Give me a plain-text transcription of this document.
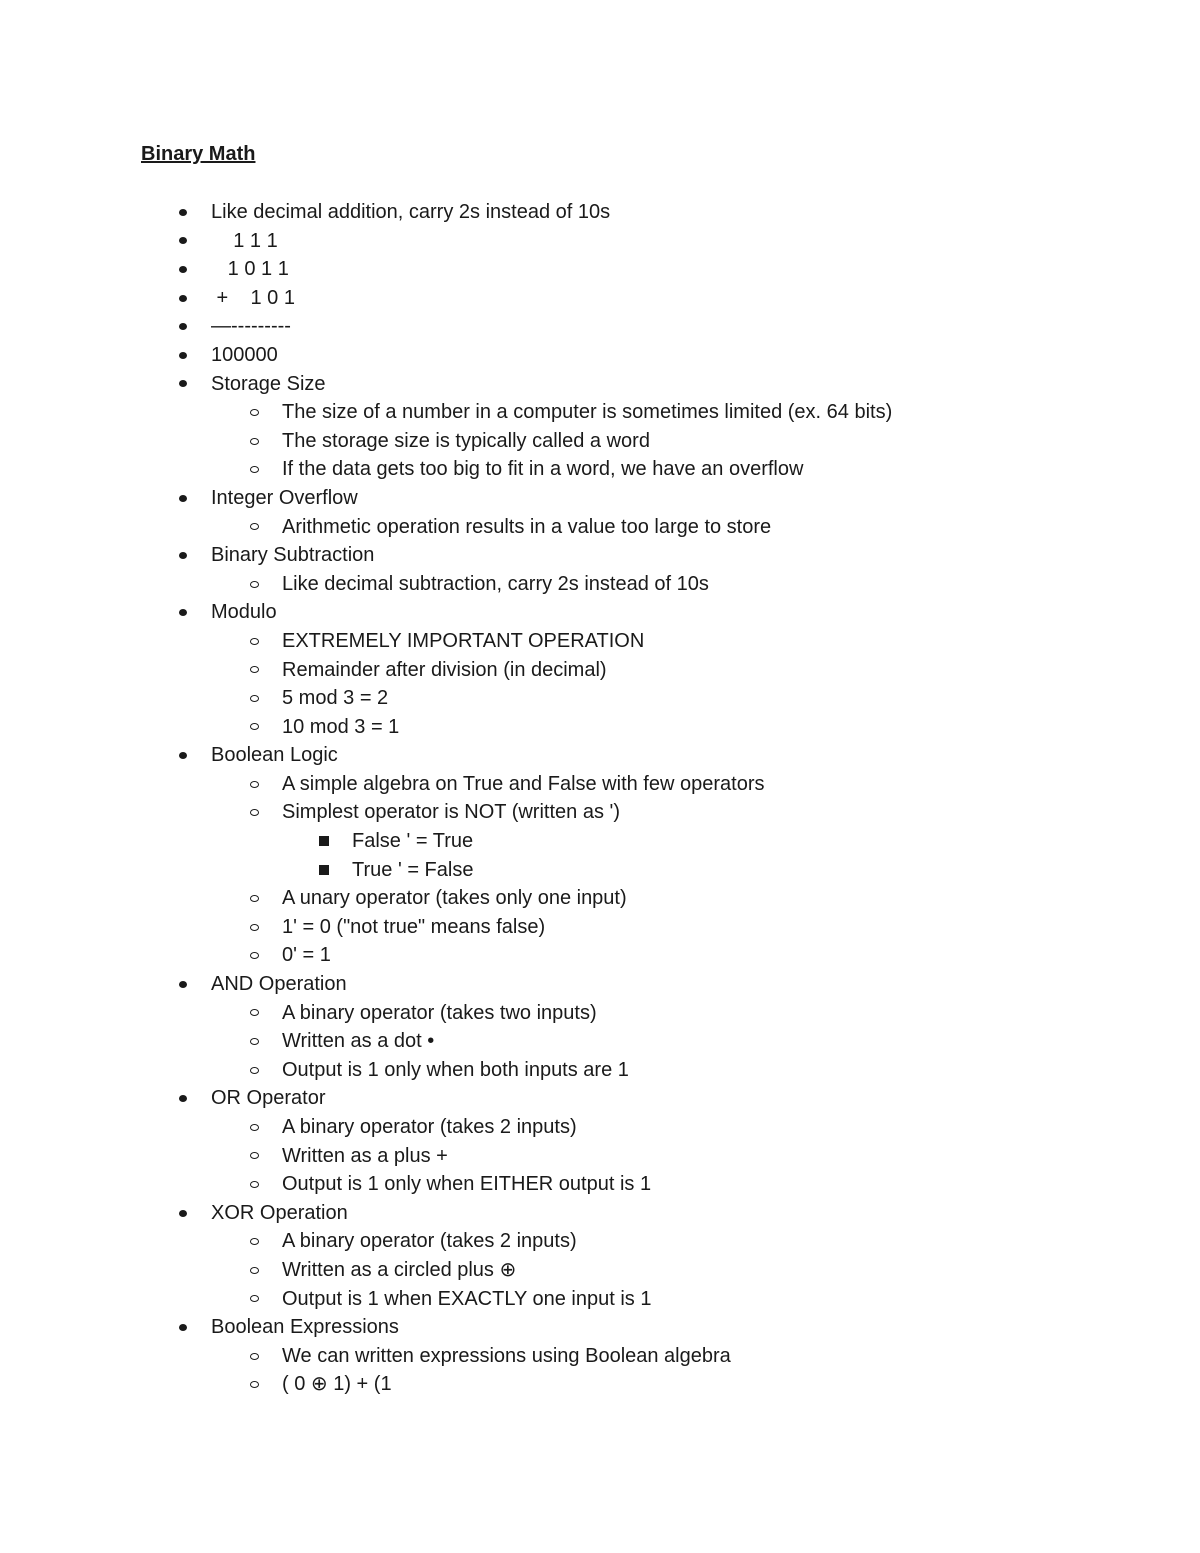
Binary Math
Like decimal addition, carry 2s instead of 10s
1 1 1
1 0 1 1
+    1 0 1
—---------
100000
Storage Size
The size of a number in a computer is sometimes limited (ex. 64 bits)
The storage size is typically called a word
If the data gets too big to fit in a word, we have an overflow
Integer Overflow
Arithmetic operation results in a value too large to store
Binary Subtraction
Like decimal subtraction, carry 2s instead of 10s
Modulo
EXTREMELY IMPORTANT OPERATION
Remainder after division (in decimal)
5 mod 3 = 2
10 mod 3 = 1
Boolean Logic
A simple algebra on True and False with few operators
Simplest operator is NOT (written as ')
False ' = True
True ' = False
A unary operator (takes only one input)
1' = 0 ("not true" means false)
0' = 1
AND Operation
A binary operator (takes two inputs)
Written as a dot •
Output is 1 only when both inputs are 1
OR Operator
A binary operator (takes 2 inputs)
Written as a plus +
Output is 1 only when EITHER output is 1
XOR Operation
A binary operator (takes 2 inputs)
Written as a circled plus ⊕
Output is 1 when EXACTLY one input is 1
Boolean Expressions
We can written expressions using Boolean algebra
( 0 ⊕ 1) + (1
